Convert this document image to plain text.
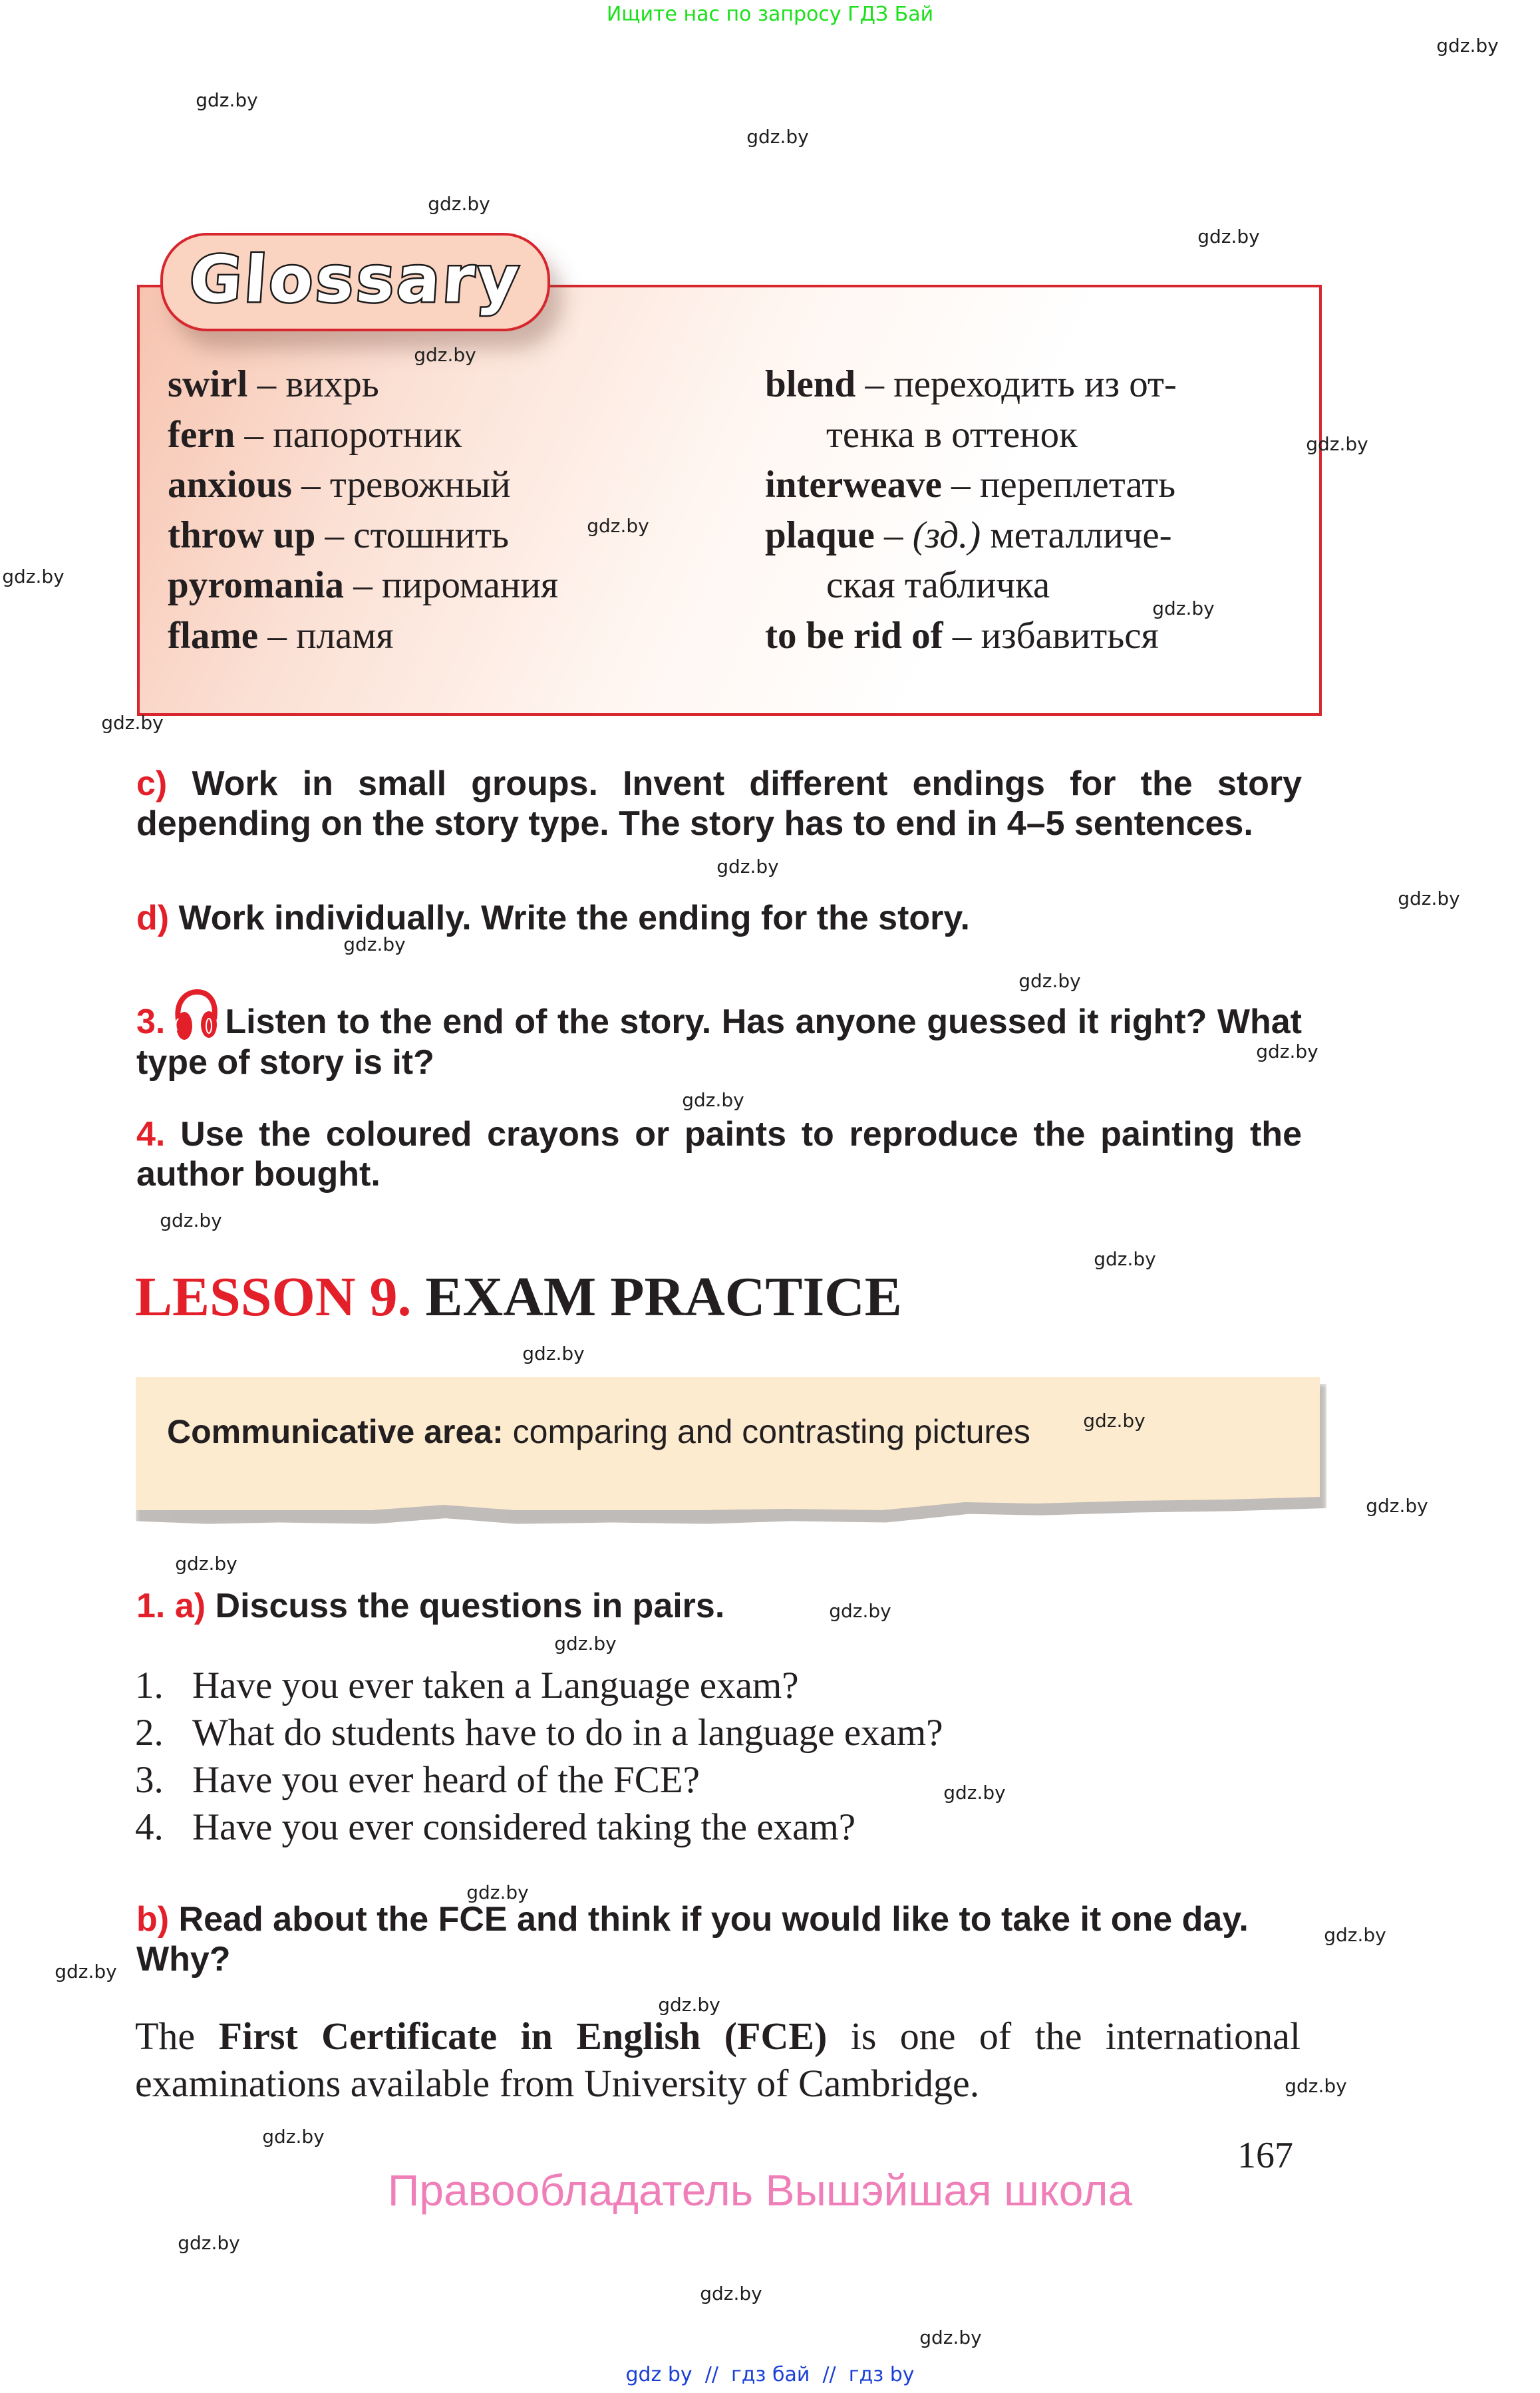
Ищите нас по запросу ГДЗ Бай
Glossary
swirl – вихрь
fern – папоротник
anxious – тревожный
throw up – стошнить
pyromania – пиромания
flame – пламя
blend – переходить из от-
тенка в оттенок
interweave – переплетать
plaque – (зд.) металличе-
ская табличка
to be rid of – избавиться
c) Work in small groups. Invent different endings for the story depending on the story type. The story has to end in 4–5 sentences.
d) Work individually. Write the ending for the story.
3. Listen to the end of the story. Has anyone guessed it right? What type of story is it?
4. Use the coloured crayons or paints to reproduce the painting the author bought.
LESSON 9. EXAM PRACTICE
Communicative area: comparing and contrasting pictures
1. a) Discuss the questions in pairs.
1. Have you ever taken a Language exam?
2. What do students have to do in a language exam?
3. Have you ever heard of the FCE?
4. Have you ever considered taking the exam?
b) Read about the FCE and think if you would like to take it one day. Why?
The First Certificate in English (FCE) is one of the international examinations available from University of Cambridge.
167
Правообладатель Вышэйшая школа
gdz by  //  гдз бай  //  гдз by
gdz.by
gdz.by
gdz.by
gdz.by
gdz.by
gdz.by
gdz.by
gdz.by
gdz.by
gdz.by
gdz.by
gdz.by
gdz.by
gdz.by
gdz.by
gdz.by
gdz.by
gdz.by
gdz.by
gdz.by
gdz.by
gdz.by
gdz.by
gdz.by
gdz.by
gdz.by
gdz.by
gdz.by
gdz.by
gdz.by
gdz.by
gdz.by
gdz.by
gdz.by
gdz.by
